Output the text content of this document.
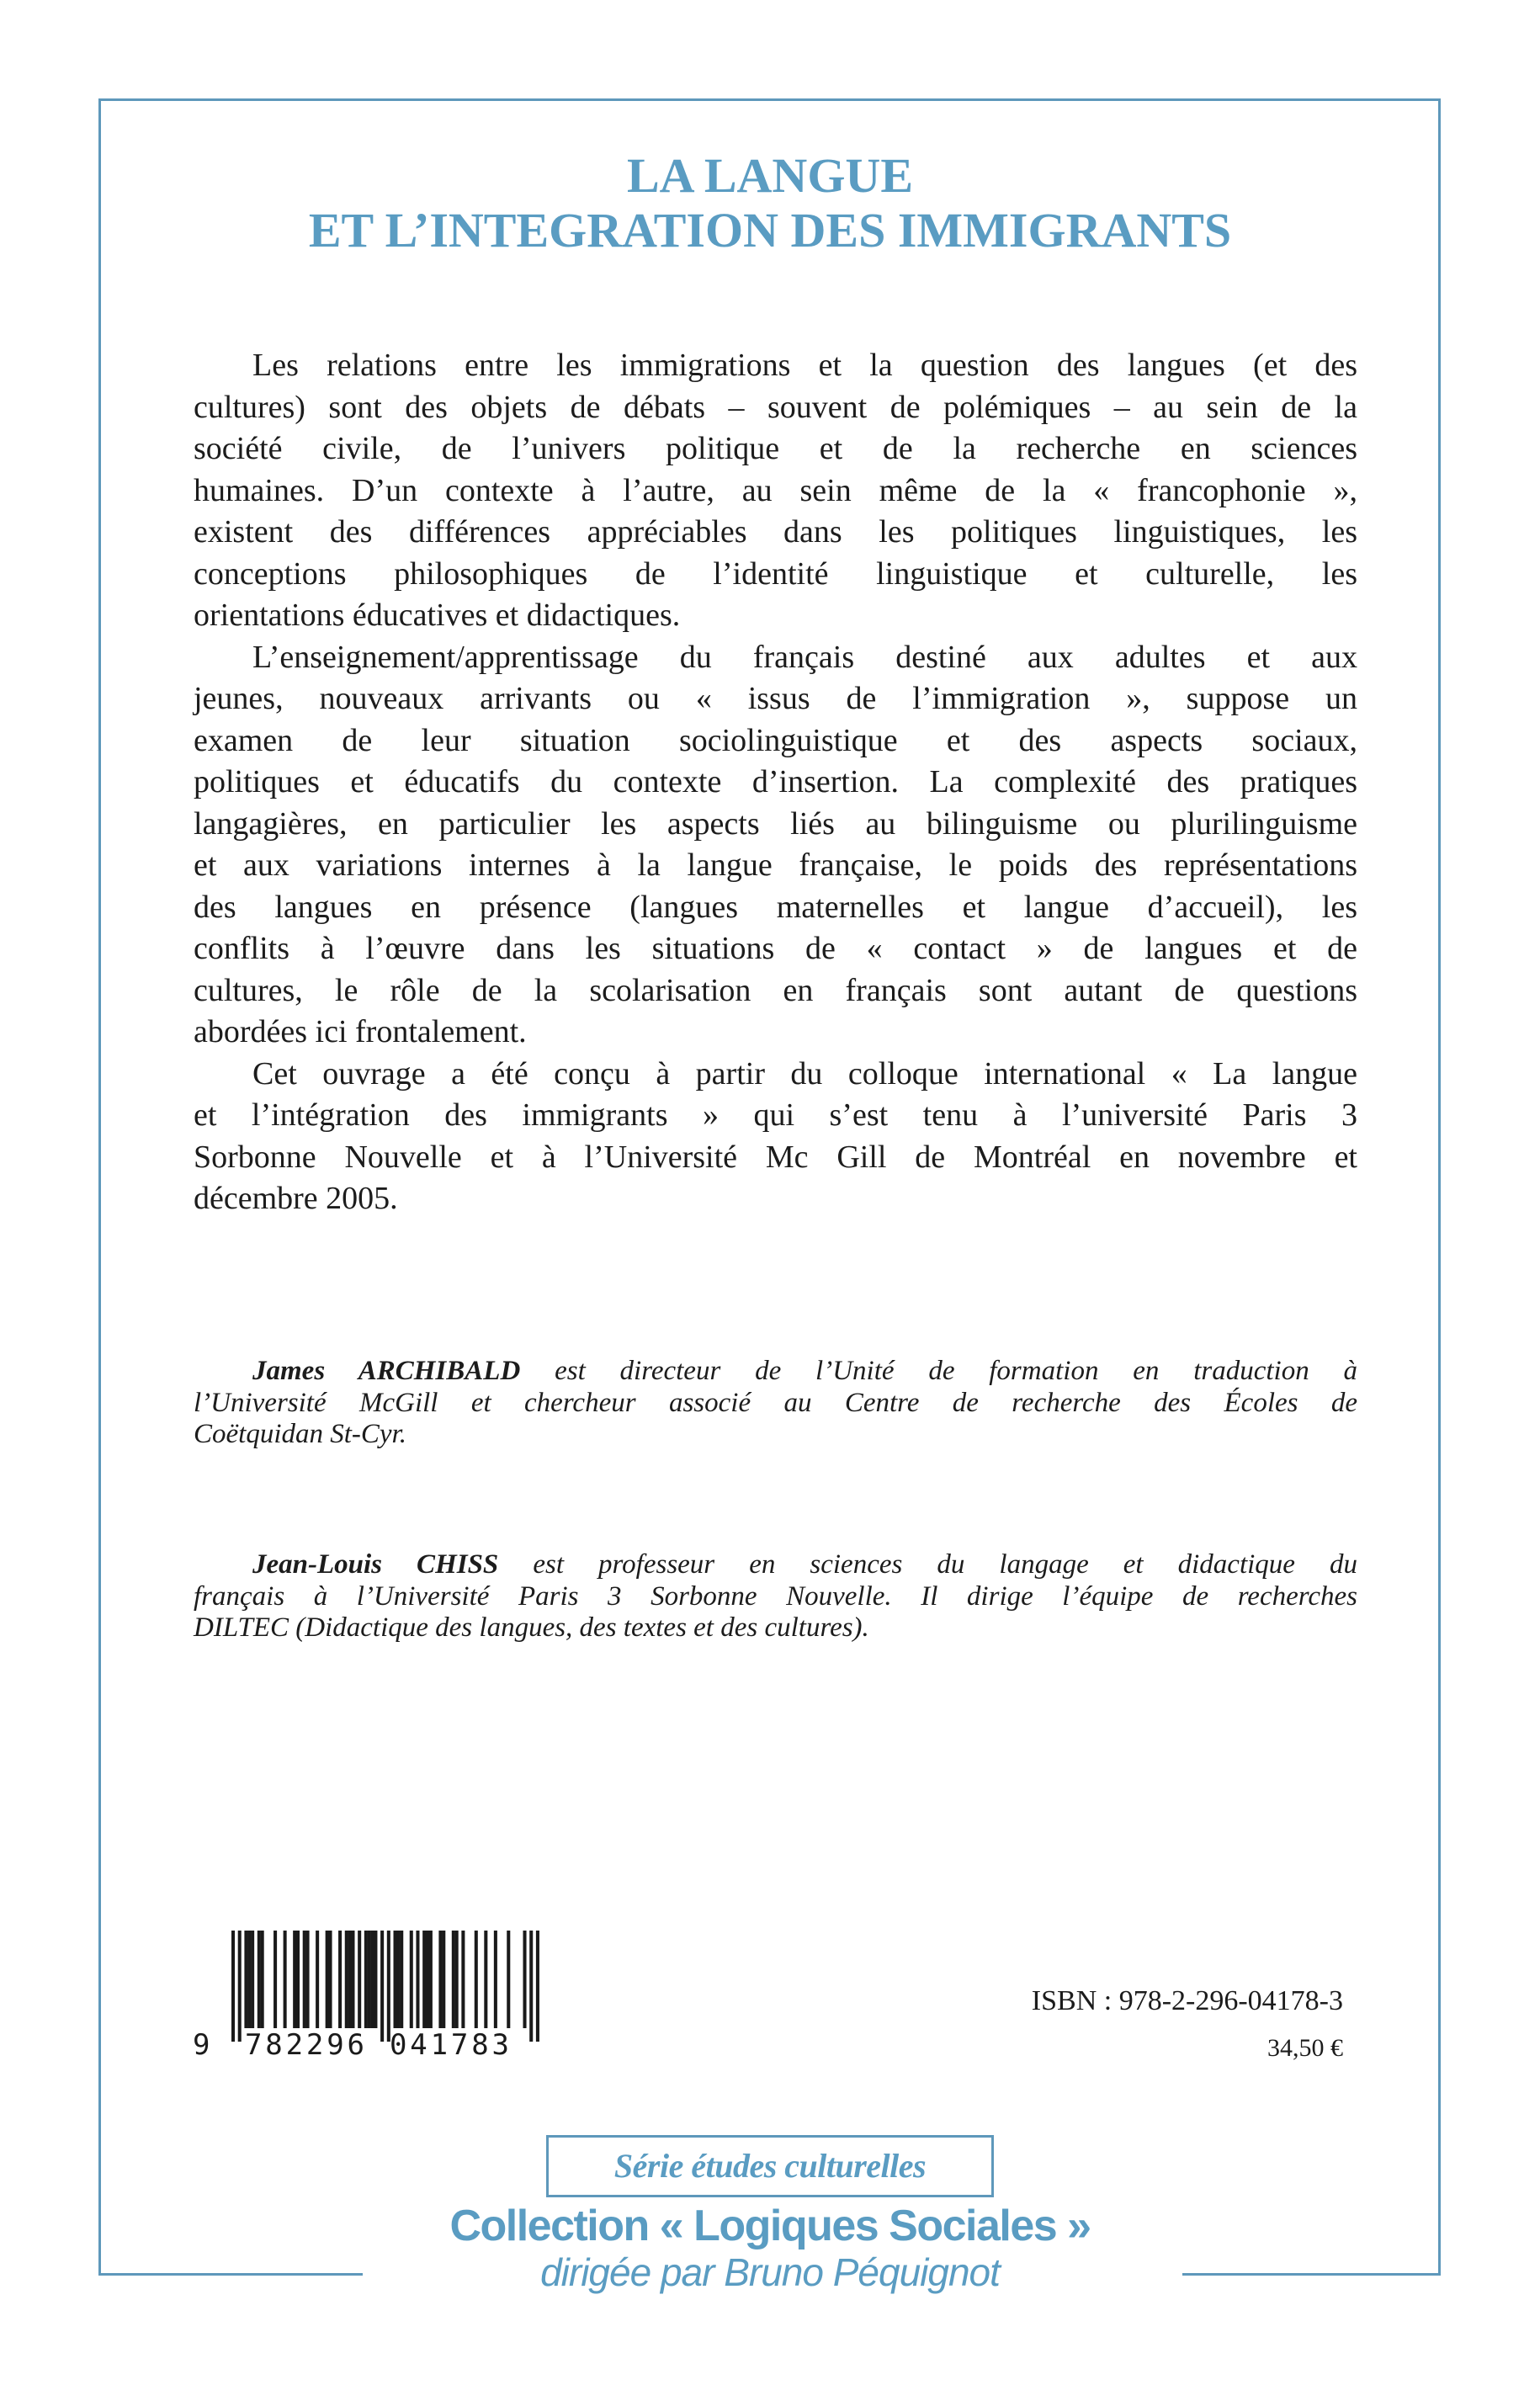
LA LANGUE
ET L’INTEGRATION DES IMMIGRANTS
Les relations entre les immigrations et la question des langues (et des
cultures) sont des objets de débats – souvent de polémiques – au sein de la
société civile, de l’univers politique et de la recherche en sciences
humaines. D’un contexte à l’autre, au sein même de la « francophonie »,
existent des différences appréciables dans les politiques linguistiques, les
conceptions philosophiques de l’identité linguistique et culturelle, les
orientations éducatives et didactiques.
L’enseignement/apprentissage du français destiné aux adultes et aux
jeunes, nouveaux arrivants ou « issus de l’immigration », suppose un
examen de leur situation sociolinguistique et des aspects sociaux,
politiques et éducatifs du contexte d’insertion. La complexité des pratiques
langagières, en particulier les aspects liés au bilinguisme ou plurilinguisme
et aux variations internes à la langue française, le poids des représentations
des langues en présence (langues maternelles et langue d’accueil), les
conflits à l’œuvre dans les situations de « contact » de langues et de
cultures, le rôle de la scolarisation en français sont autant de questions
abordées ici frontalement.
Cet ouvrage a été conçu à partir du colloque international « La langue
et l’intégration des immigrants » qui s’est tenu à l’université Paris 3
Sorbonne Nouvelle et à l’Université Mc Gill de Montréal en novembre et
décembre 2005.
James ARCHIBALD est directeur de l’Unité de formation en traduction à
l’Université McGill et chercheur associé au Centre de recherche des Écoles de
Coëtquidan St-Cyr.
Jean-Louis CHISS est professeur en sciences du langage et didactique du
français à l’Université Paris 3 Sorbonne Nouvelle. Il dirige l’équipe de recherches
DILTEC (Didactique des langues, des textes et des cultures).
9 782296 041783
ISBN : 978-2-296-04178-3
34,50 €
Série études culturelles
Collection « Logiques Sociales »
dirigée par Bruno Péquignot
